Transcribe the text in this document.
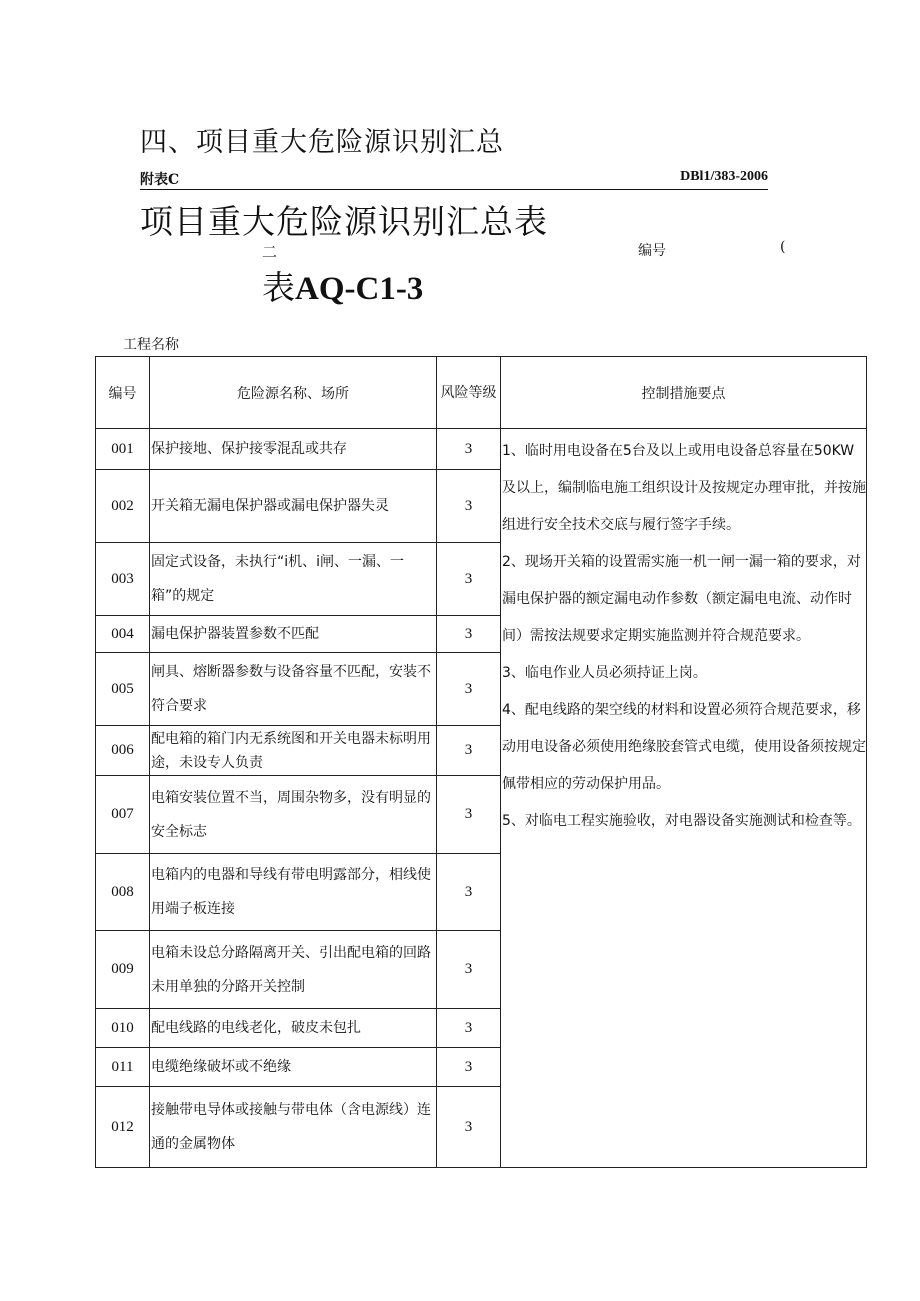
四、项目重大危险源识别汇总
附表C	DBl1/383-2006
项目重大危险源识别汇总表
二	编号	(
表AQ-C1-3
工程名称
编号	危险源名称、场所	风险等级	控制措施要点
001	保护接地、保护接零混乱或共存	3	1、临时用电设备在5台及以上或用电设备总容量在50KW及以上，编制临电施工组织设计及按规定办理审批，并按施组进行安全技术交底与履行签字手续。

2、现场开关箱的设置需实施一机一闸一漏一箱的要求，对漏电保护器的额定漏电动作参数（额定漏电电流、动作时间）需按法规要求定期实施监测并符合规范要求。

3、临电作业人员必须持证上岗。

4、配电线路的架空线的材料和设置必须符合规范要求，移动用电设备必须使用绝缘胶套管式电缆，使用设备须按规定佩带相应的劳动保护用品。

5、对临电工程实施验收，对电器设备实施测试和检查等。

002	开关箱无漏电保护器或漏电保护器失灵	3	
003	固定式设备，未执行“i机、i闸、一漏、一箱”的规定	3	
004	漏电保护器装置参数不匹配	3	
005	闸具、熔断器参数与设备容量不匹配，安装不符合要求	3	
006	配电箱的箱门内无系统图和开关电器未标明用途，未设专人负责	3	
007	电箱安装位置不当，周围杂物多，没有明显的安全标志	3	
008	电箱内的电器和导线有带电明露部分，相线使用端子板连接	3	
009	电箱未设总分路隔离开关、引出配电箱的回路未用单独的分路开关控制	3	
010	配电线路的电线老化，破皮未包扎	3	
011	电缆绝缘破坏或不绝缘	3	
012	接触带电导体或接触与带电体（含电源线）连通的金属物体	3	
